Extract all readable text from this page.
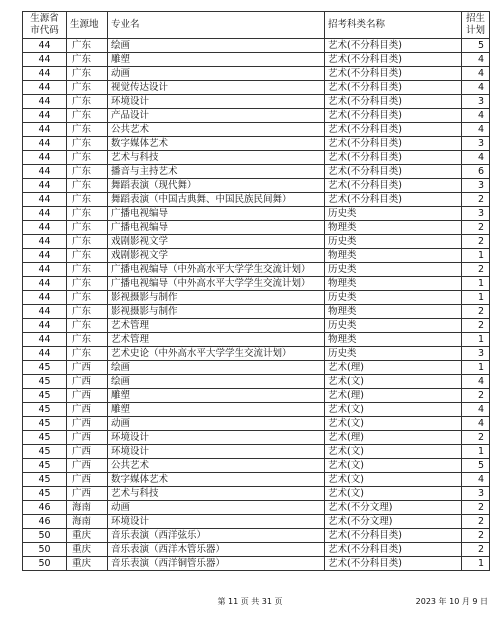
生源省市代码	生源地	专业名	招考科类名称	招生计划
44	广东	绘画	艺术(不分科目类)	5
44	广东	雕塑	艺术(不分科目类)	4
44	广东	动画	艺术(不分科目类)	4
44	广东	视觉传达设计	艺术(不分科目类)	4
44	广东	环境设计	艺术(不分科目类)	3
44	广东	产品设计	艺术(不分科目类)	4
44	广东	公共艺术	艺术(不分科目类)	4
44	广东	数字媒体艺术	艺术(不分科目类)	3
44	广东	艺术与科技	艺术(不分科目类)	4
44	广东	播音与主持艺术	艺术(不分科目类)	6
44	广东	舞蹈表演（现代舞）	艺术(不分科目类)	3
44	广东	舞蹈表演（中国古典舞、中国民族民间舞）	艺术(不分科目类)	2
44	广东	广播电视编导	历史类	3
44	广东	广播电视编导	物理类	2
44	广东	戏剧影视文学	历史类	2
44	广东	戏剧影视文学	物理类	1
44	广东	广播电视编导（中外高水平大学学生交流计划）	历史类	2
44	广东	广播电视编导（中外高水平大学学生交流计划）	物理类	1
44	广东	影视摄影与制作	历史类	1
44	广东	影视摄影与制作	物理类	2
44	广东	艺术管理	历史类	2
44	广东	艺术管理	物理类	1
44	广东	艺术史论（中外高水平大学学生交流计划）	历史类	3
45	广西	绘画	艺术(理)	1
45	广西	绘画	艺术(文)	4
45	广西	雕塑	艺术(理)	2
45	广西	雕塑	艺术(文)	4
45	广西	动画	艺术(文)	4
45	广西	环境设计	艺术(理)	2
45	广西	环境设计	艺术(文)	1
45	广西	公共艺术	艺术(文)	5
45	广西	数字媒体艺术	艺术(文)	4
45	广西	艺术与科技	艺术(文)	3
46	海南	动画	艺术(不分文理)	2
46	海南	环境设计	艺术(不分文理)	2
50	重庆	音乐表演（西洋弦乐）	艺术(不分科目类)	2
50	重庆	音乐表演（西洋木管乐器）	艺术(不分科目类)	2
50	重庆	音乐表演（西洋铜管乐器）	艺术(不分科目类)	1
第 11 页 共 31 页	2023 年 10 月 9 日
